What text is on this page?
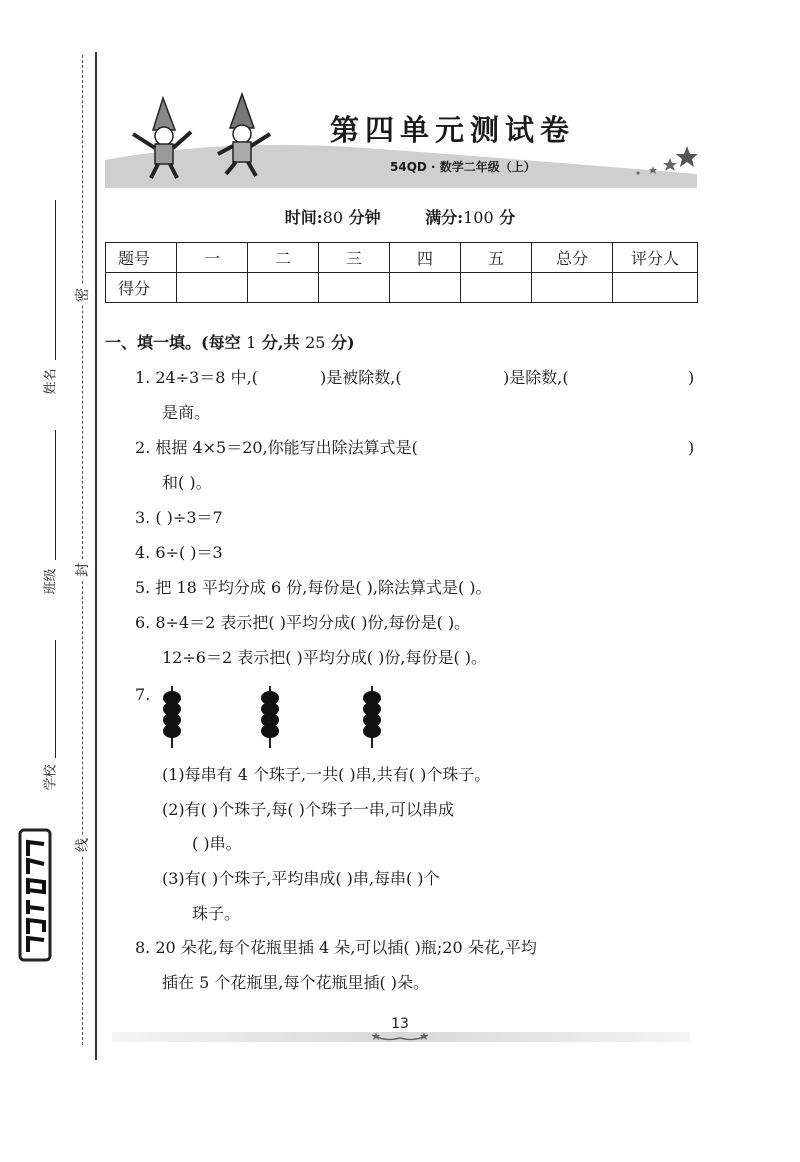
密
封
线
姓名
班级
学校
第四单元测试卷
54QD · 数学二年级（上）
时间:80 分钟	满分:100 分
题号	一	二	三	四	五	总分	评分人
得分							
一、填一填。(每空 1 分,共 25 分)
1. 24÷3＝8 中,(	)是被除数,(	)是除数,(	)
是商。
2. 根据 4×5＝20,你能写出除法算式是(	)
和( )。
3. ( )÷3＝7
4. 6÷( )＝3
5. 把 18 平均分成 6 份,每份是( ),除法算式是( )。
6. 8÷4＝2 表示把( )平均分成( )份,每份是( )。
12÷6＝2 表示把( )平均分成( )份,每份是( )。
7.
(1)每串有 4 个珠子,一共( )串,共有( )个珠子。
(2)有( )个珠子,每( )个珠子一串,可以串成
( )串。
(3)有( )个珠子,平均串成( )串,每串( )个
珠子。
8. 20 朵花,每个花瓶里插 4 朵,可以插( )瓶;20 朵花,平均
插在 5 个花瓶里,每个花瓶里插( )朵。
13
